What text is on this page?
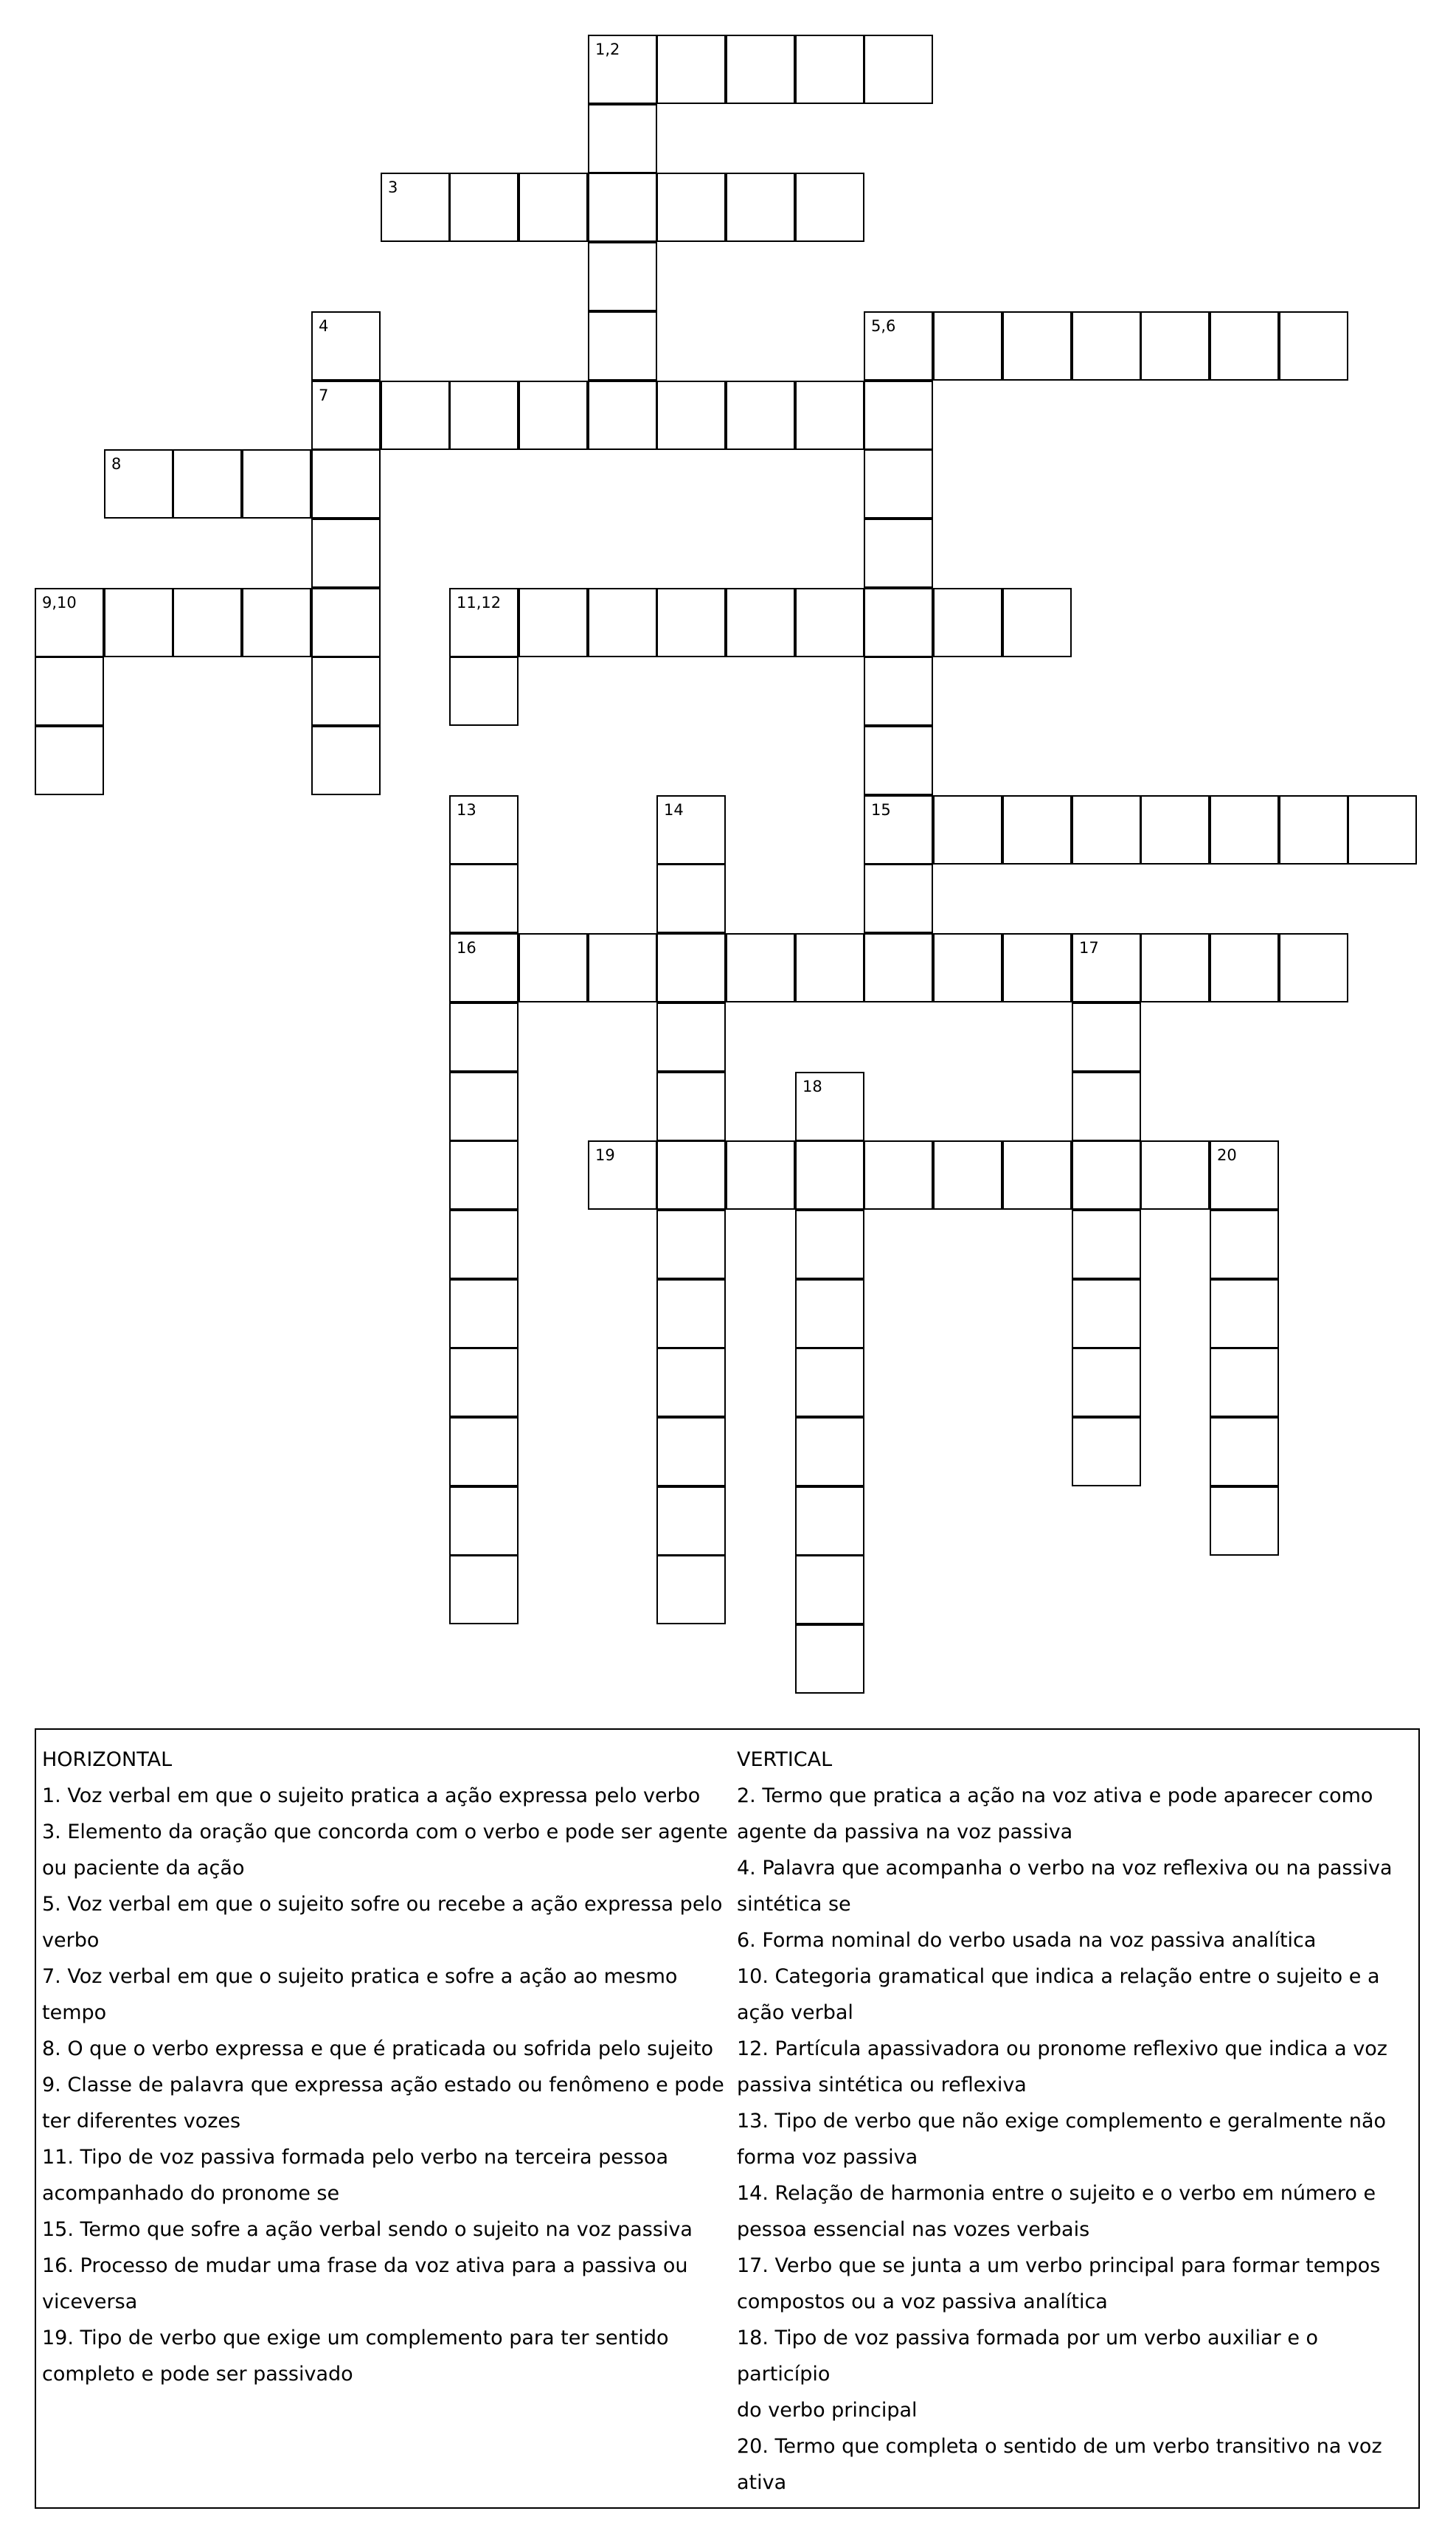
1,2
3
4	5,6
7
8
9,10	11,12
13	14	15
16	17
18
19	20

HORIZONTAL

1. Voz verbal em que o sujeito pratica a ação expressa pelo verbo

3. Elemento da oração que concorda com o verbo e pode ser agente

ou paciente da ação

5. Voz verbal em que o sujeito sofre ou recebe a ação expressa pelo

verbo

7. Voz verbal em que o sujeito pratica e sofre a ação ao mesmo

tempo

8. O que o verbo expressa e que é praticada ou sofrida pelo sujeito

9. Classe de palavra que expressa ação estado ou fenômeno e pode

ter diferentes vozes

11. Tipo de voz passiva formada pelo verbo na terceira pessoa

acompanhado do pronome se

15. Termo que sofre a ação verbal sendo o sujeito na voz passiva

16. Processo de mudar uma frase da voz ativa para a passiva ou

viceversa

19. Tipo de verbo que exige um complemento para ter sentido

completo e pode ser passivado

VERTICAL

2. Termo que pratica a ação na voz ativa e pode aparecer como

agente da passiva na voz passiva

4. Palavra que acompanha o verbo na voz reflexiva ou na passiva

sintética se

6. Forma nominal do verbo usada na voz passiva analítica

10. Categoria gramatical que indica a relação entre o sujeito e a

ação verbal

12. Partícula apassivadora ou pronome reflexivo que indica a voz

passiva sintética ou reflexiva

13. Tipo de verbo que não exige complemento e geralmente não

forma voz passiva

14. Relação de harmonia entre o sujeito e o verbo em número e

pessoa essencial nas vozes verbais

17. Verbo que se junta a um verbo principal para formar tempos

compostos ou a voz passiva analítica

18. Tipo de voz passiva formada por um verbo auxiliar e o particípio

do verbo principal

20. Termo que completa o sentido de um verbo transitivo na voz

ativa
